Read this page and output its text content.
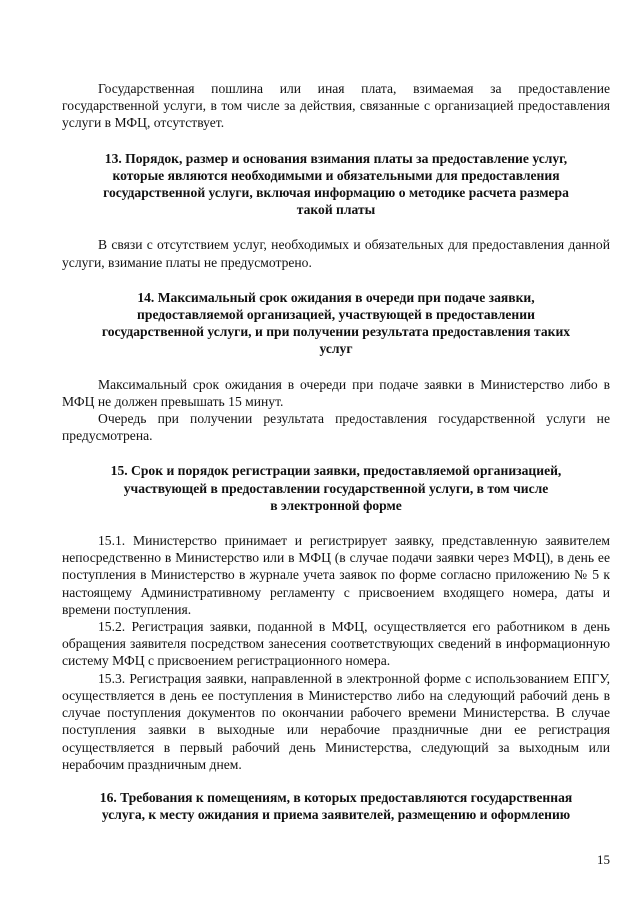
Государственная пошлина или иная плата, взимаемая за предоставление государственной услуги, в том числе за действия, связанные с организацией предоставления услуги в МФЦ, отсутствует.

13. Порядок, размер и основания взимания платы за предоставление услуг,
которые являются необходимыми и обязательными для предоставления
государственной услуги, включая информацию о методике расчета размера
такой платы

В связи с отсутствием услуг, необходимых и обязательных для предоставления данной услуги, взимание платы не предусмотрено.

14. Максимальный срок ожидания в очереди при подаче заявки,
предоставляемой организацией, участвующей в предоставлении
государственной услуги, и при получении результата предоставления таких
услуг

Максимальный срок ожидания в очереди при подаче заявки в Министерство либо в МФЦ не должен превышать 15 минут.

Очередь при получении результата предоставления государственной услуги не предусмотрена.

15. Срок и порядок регистрации заявки, предоставляемой организацией,
участвующей в предоставлении государственной услуги, в том числе
в электронной форме

15.1. Министерство принимает и регистрирует заявку, представленную заявителем непосредственно в Министерство или в МФЦ (в случае подачи заявки через МФЦ), в день ее поступления в Министерство в журнале учета заявок по форме согласно приложению № 5 к настоящему Административному регламенту с присвоением входящего номера, даты и времени поступления.

15.2. Регистрация заявки, поданной в МФЦ, осуществляется его работником в день обращения заявителя посредством занесения соответствующих сведений в информационную систему МФЦ с присвоением регистрационного номера.

15.3. Регистрация заявки, направленной в электронной форме с использованием ЕПГУ, осуществляется в день ее поступления в Министерство либо на следующий рабочий день в случае поступления документов по окончании рабочего времени Министерства. В случае поступления заявки в выходные или нерабочие праздничные дни ее регистрация осуществляется в первый рабочий день Министерства, следующий за выходным или нерабочим праздничным днем.

16. Требования к помещениям, в которых предоставляются государственная
услуга, к месту ожидания и приема заявителей, размещению и оформлению

15
